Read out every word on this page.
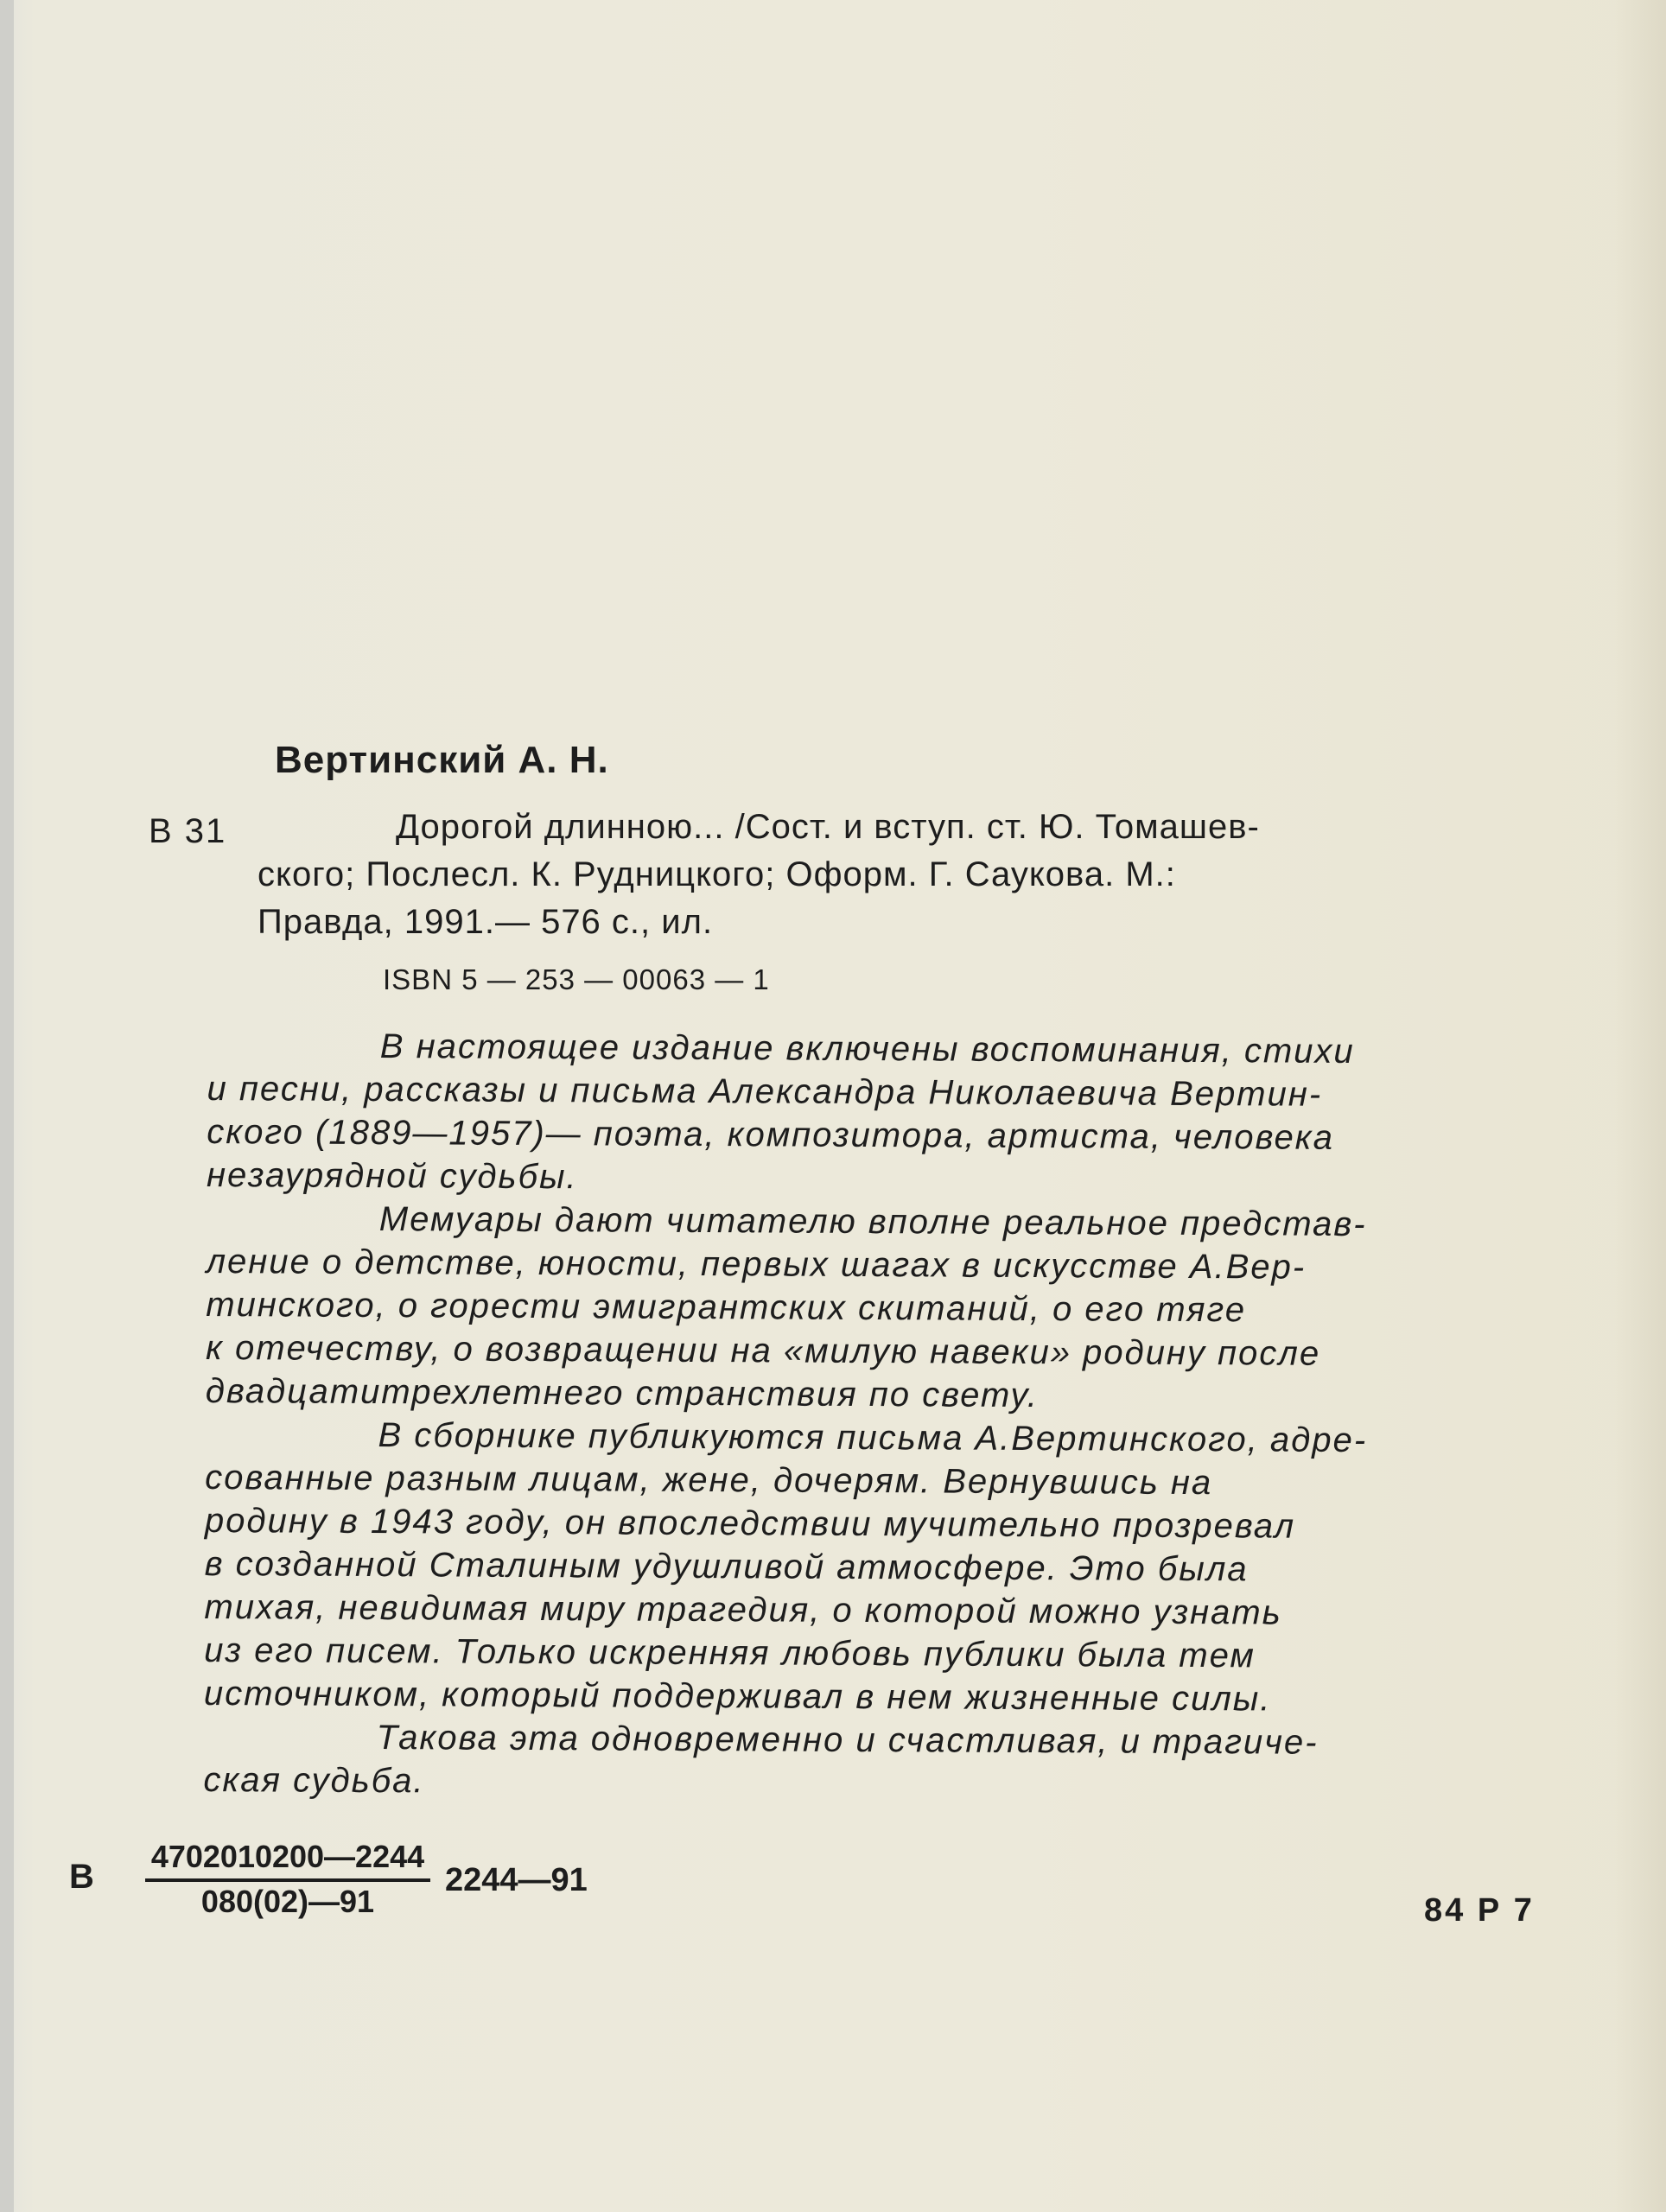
Вертинский А. Н.
В 31	Дорогой длинною... /Сост. и вступ. ст. Ю. Томашев-
ского; Послесл. К. Рудницкого; Оформ. Г. Саукова. М.:
Правда, 1991.— 576 с., ил.
ISBN 5 — 253 — 00063 — 1
В настоящее издание включены воспоминания, стихи
и песни, рассказы и письма Александра Николаевича Вертин-
ского (1889—1957)— поэта, композитора, артиста, человека
незаурядной судьбы.
Мемуары дают читателю вполне реальное представ-
ление о детстве, юности, первых шагах в искусстве А.Вер-
тинского, о горести эмигрантских скитаний, о его тяге
к отечеству, о возвращении на «милую навеки» родину после
двадцатитрехлетнего странствия по свету.
В сборнике публикуются письма А.Вертинского, адре-
сованные разным лицам, жене, дочерям. Вернувшись на
родину в 1943 году, он впоследствии мучительно прозревал
в созданной Сталиным удушливой атмосфере. Это была
тихая, невидимая миру трагедия, о которой можно узнать
из его писем. Только искренняя любовь публики была тем
источником, который поддерживал в нем жизненные силы.
Такова эта одновременно и счастливая, и трагиче-
ская судьба.
В
4702010200—2244
080(02)—91
2244—91
84 Р 7
